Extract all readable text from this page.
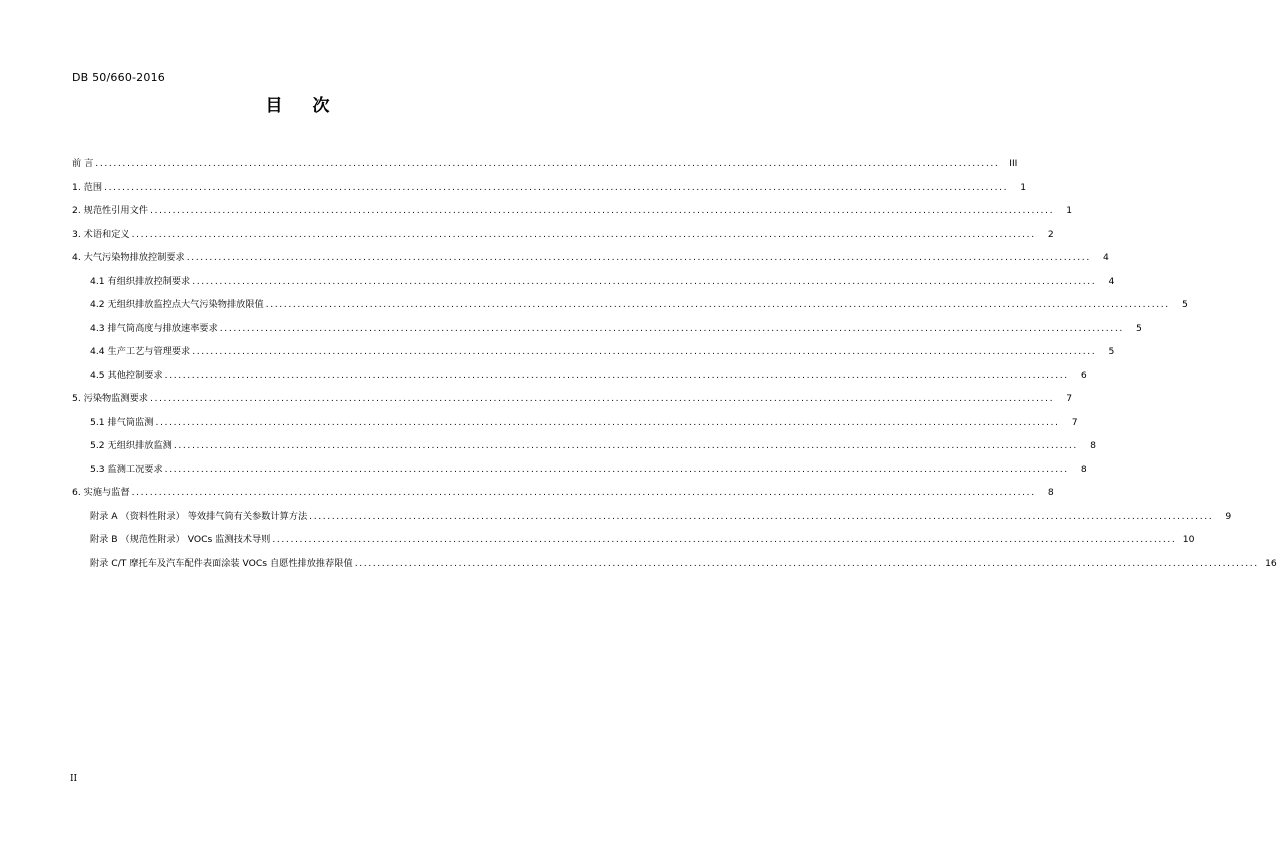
DB 50/660-2016
目 次
前 言 ........................................................................................................................................................................................................	III
1. 范围 ........................................................................................................................................................................................................	1
2. 规范性引用文件 ........................................................................................................................................................................................................	1
3. 术语和定义 ........................................................................................................................................................................................................	2
4. 大气污染物排放控制要求 ........................................................................................................................................................................................................	4
4.1 有组织排放控制要求 ........................................................................................................................................................................................................	4
4.2 无组织排放监控点大气污染物排放限值 ........................................................................................................................................................................................................	5
4.3 排气筒高度与排放速率要求 ........................................................................................................................................................................................................	5
4.4 生产工艺与管理要求 ........................................................................................................................................................................................................	5
4.5 其他控制要求 ........................................................................................................................................................................................................	6
5. 污染物监测要求 ........................................................................................................................................................................................................	7
5.1 排气筒监测 ........................................................................................................................................................................................................	7
5.2 无组织排放监测 ........................................................................................................................................................................................................	8
5.3 监测工况要求 ........................................................................................................................................................................................................	8
6. 实施与监督 ........................................................................................................................................................................................................	8
附录 A （资料性附录） 等效排气筒有关参数计算方法 ........................................................................................................................................................................................................	9
附录 B （规范性附录） VOCs 监测技术导则 ........................................................................................................................................................................................................ 10
附录 C/T 摩托车及汽车配件表面涂装 VOCs 自愿性排放推荐限值 ........................................................................................................................................................................................................ 16
II
